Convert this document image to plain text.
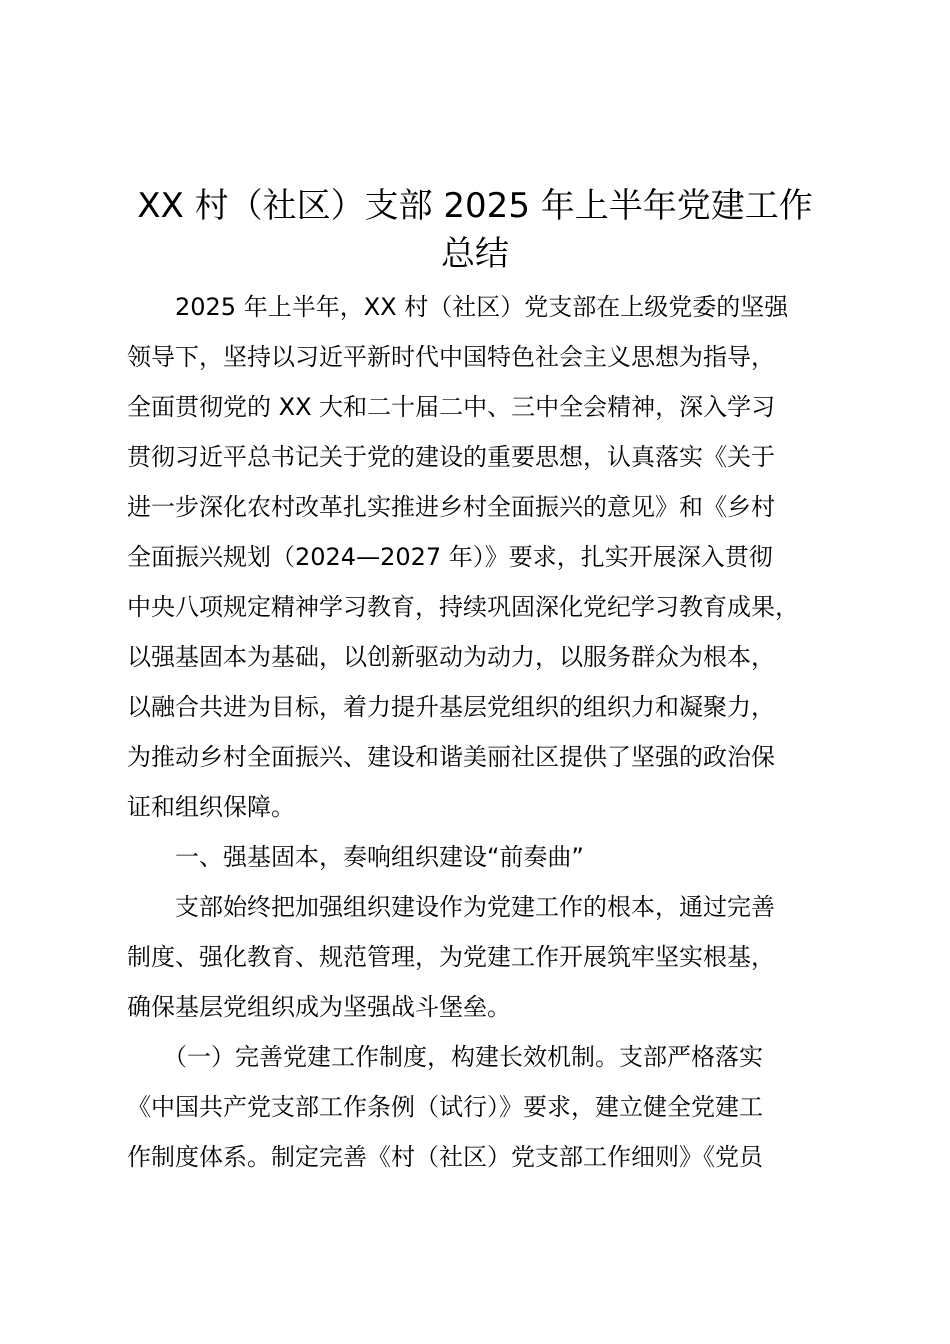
XX 村（社区）支部 2025 年上半年党建工作
总结
　　2025 年上半年，XX 村（社区）党支部在上级党委的坚强
领导下，坚持以习近平新时代中国特色社会主义思想为指导，
全面贯彻党的 XX 大和二十届二中、三中全会精神，深入学习
贯彻习近平总书记关于党的建设的重要思想，认真落实《关于
进一步深化农村改革扎实推进乡村全面振兴的意见》和《乡村
全面振兴规划（2024—2027 年）》要求，扎实开展深入贯彻
中央八项规定精神学习教育，持续巩固深化党纪学习教育成果，
以强基固本为基础，以创新驱动为动力，以服务群众为根本，
以融合共进为目标，着力提升基层党组织的组织力和凝聚力，
为推动乡村全面振兴、建设和谐美丽社区提供了坚强的政治保
证和组织保障。
　　一、强基固本，奏响组织建设“前奏曲”
　　支部始终把加强组织建设作为党建工作的根本，通过完善
制度、强化教育、规范管理，为党建工作开展筑牢坚实根基，
确保基层党组织成为坚强战斗堡垒。
　　（一）完善党建工作制度，构建长效机制。支部严格落实
《中国共产党支部工作条例（试行）》要求，建立健全党建工
作制度体系。制定完善《村（社区）党支部工作细则》《党员
